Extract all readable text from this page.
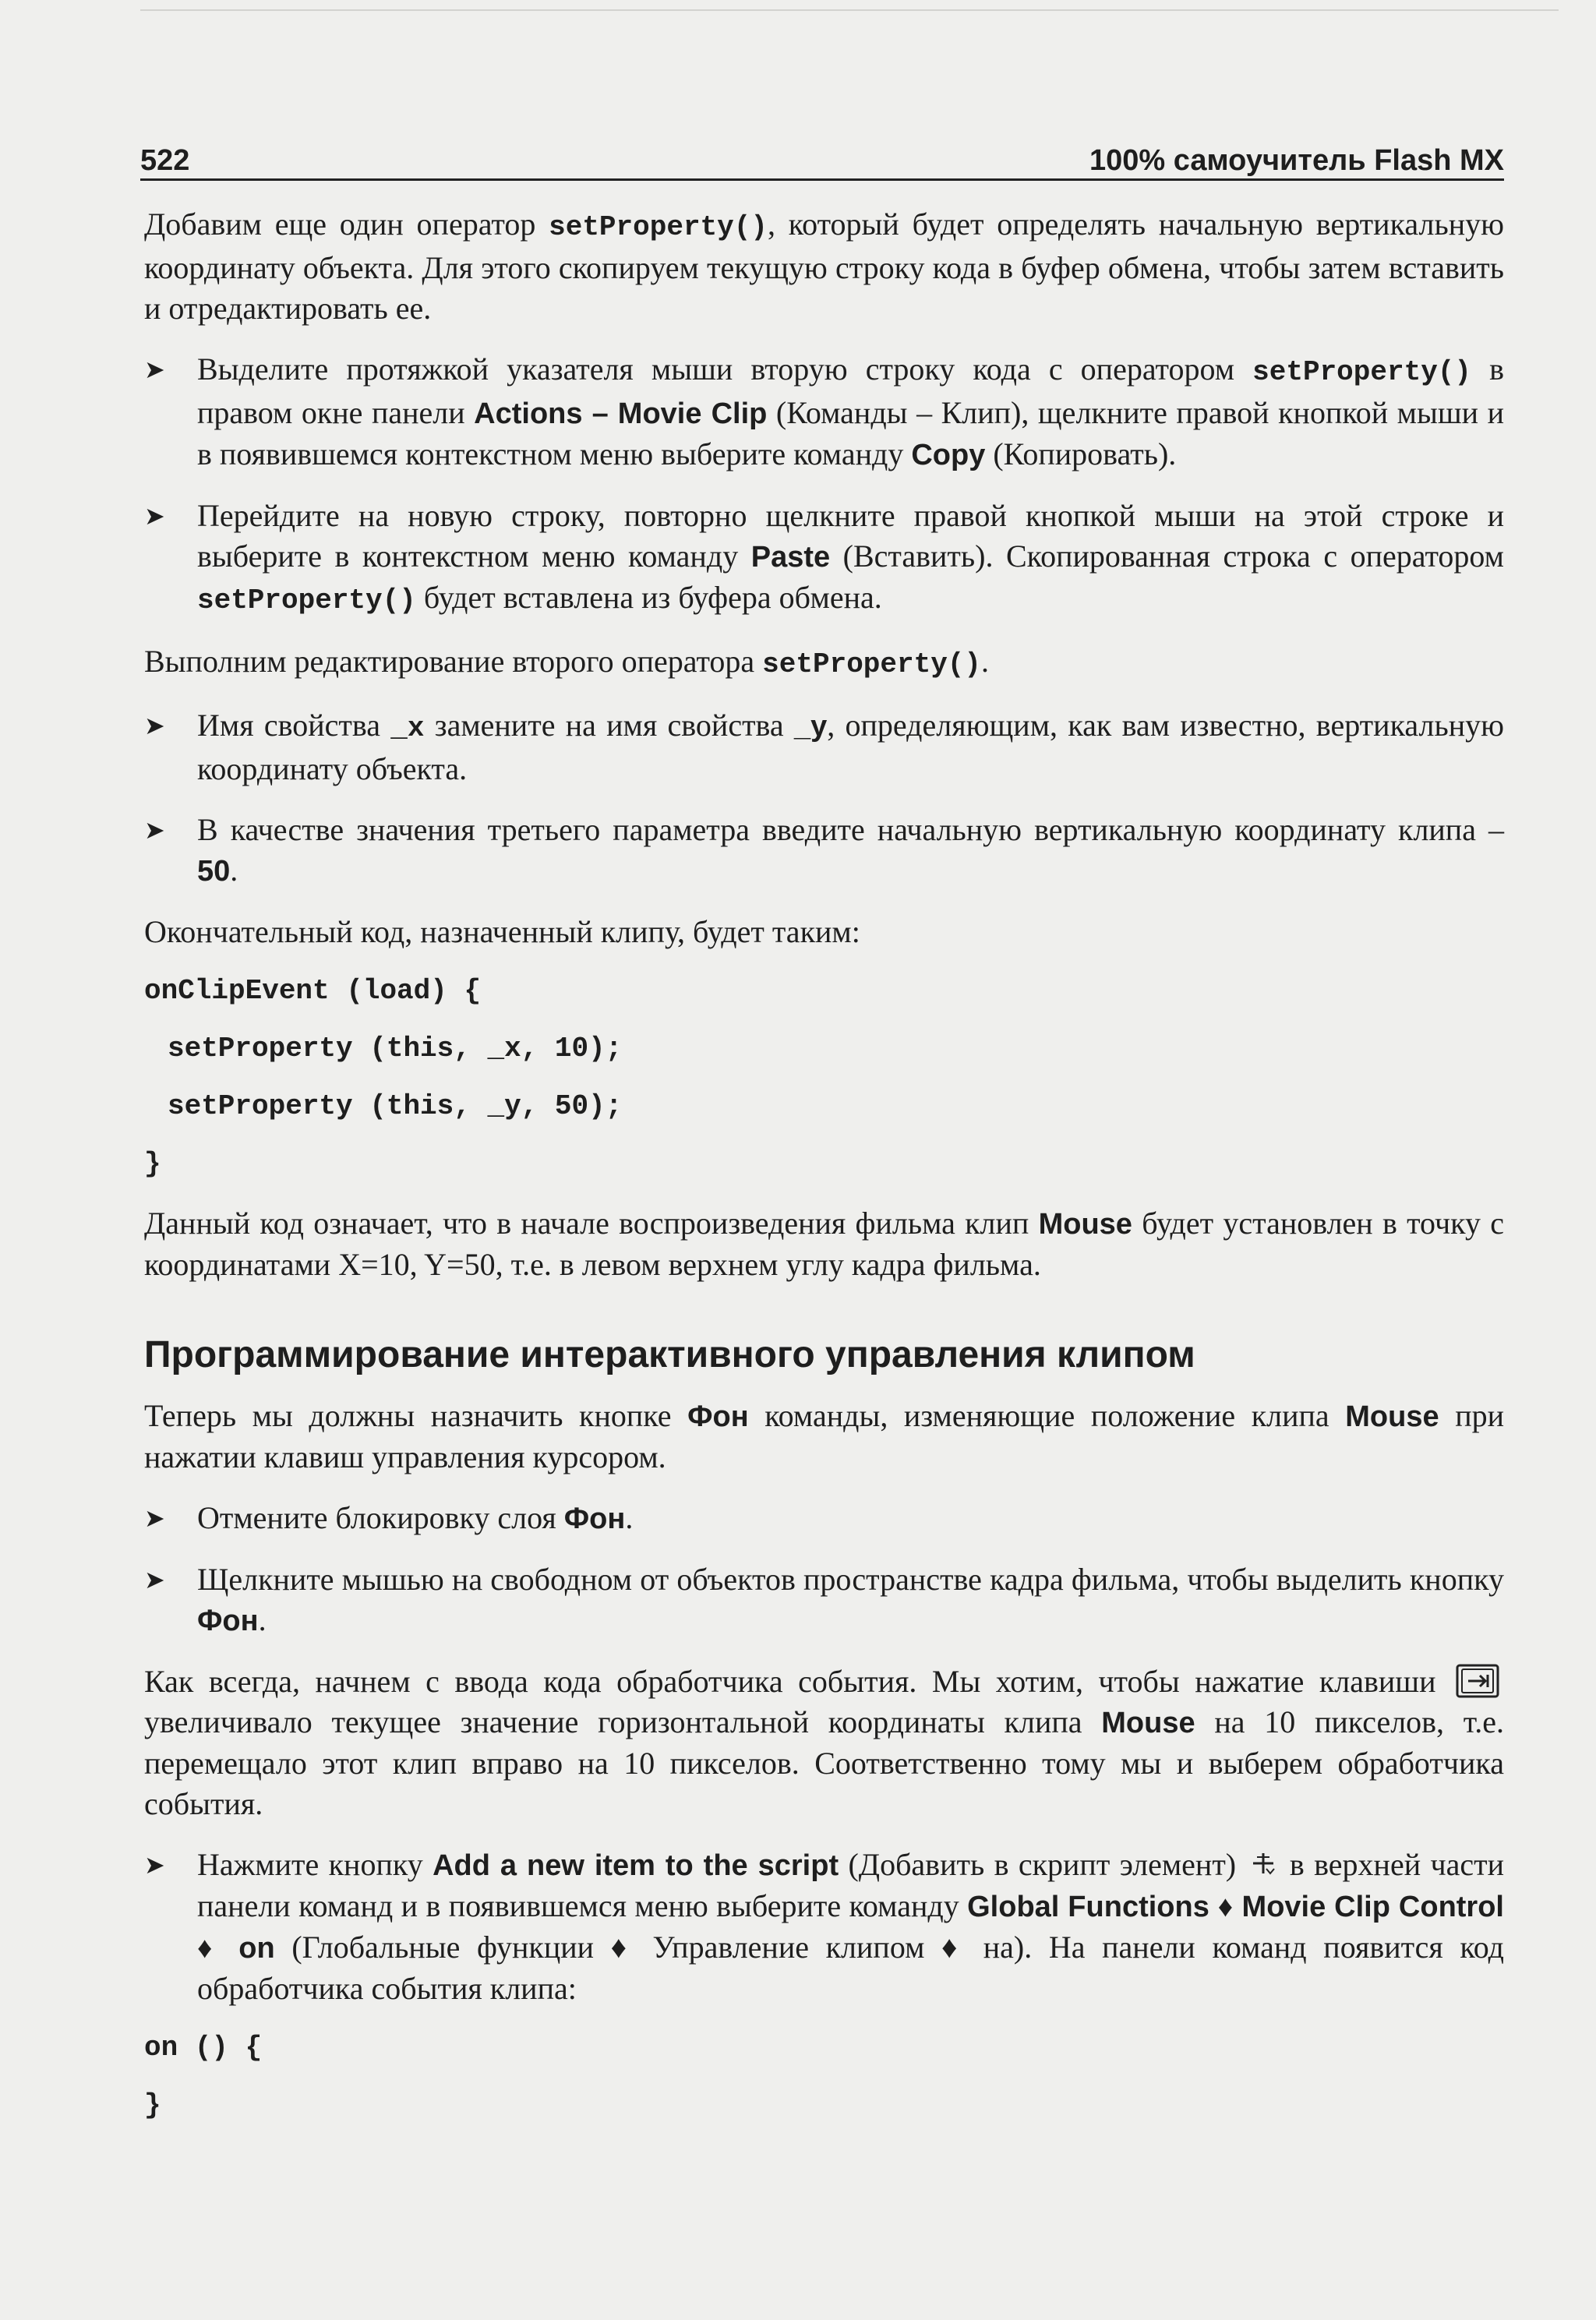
522	100% самоучитель Flash MX

Добавим еще один оператор setProperty(), который будет определять начальную вертикальную координату объекта. Для этого скопируем текущую строку кода в буфер обмена, чтобы затем вставить и отредактировать ее.

➤ Выделите протяжкой указателя мыши вторую строку кода с оператором setProperty() в правом окне панели Actions – Movie Clip (Команды – Клип), щелкните правой кнопкой мыши и в появившемся контекстном меню выберите команду Copy (Копировать).

➤ Перейдите на новую строку, повторно щелкните правой кнопкой мыши на этой строке и выберите в контекстном меню команду Paste (Вставить). Скопированная строка с оператором setProperty() будет вставлена из буфера обмена.

Выполним редактирование второго оператора setProperty().

➤ Имя свойства _x замените на имя свойства _y, определяющим, как вам известно, вертикальную координату объекта.

➤ В качестве значения третьего параметра введите начальную вертикальную координату клипа – 50.

Окончательный код, назначенный клипу, будет таким:

onClipEvent (load) {
setProperty (this, _x, 10);
setProperty (this, _y, 50);
}

Данный код означает, что в начале воспроизведения фильма клип Mouse будет установлен в точку с координатами X=10, Y=50, т.е. в левом верхнем углу кадра фильма.

Программирование интерактивного управления клипом

Теперь мы должны назначить кнопке Фон команды, изменяющие положение клипа Mouse при нажатии клавиш управления курсором.

➤ Отмените блокировку слоя Фон.

➤ Щелкните мышью на свободном от объектов пространстве кадра фильма, чтобы выделить кнопку Фон.

Как всегда, начнем с ввода кода обработчика события. Мы хотим, чтобы нажатие клавиши  увеличивало текущее значение горизонтальной координаты клипа Mouse на 10 пикселов, т.е. перемещало этот клип вправо на 10 пикселов. Соответственно тому мы и выберем обработчика события.

➤ Нажмите кнопку Add a new item to the script (Добавить в скрипт элемент)  в верхней части панели команд и в появившемся меню выберите команду Global Functions ♦ Movie Clip Control ♦ on (Глобальные функции ♦ Управление клипом ♦ на). На панели команд появится код обработчика события клипа:

on () {
}
